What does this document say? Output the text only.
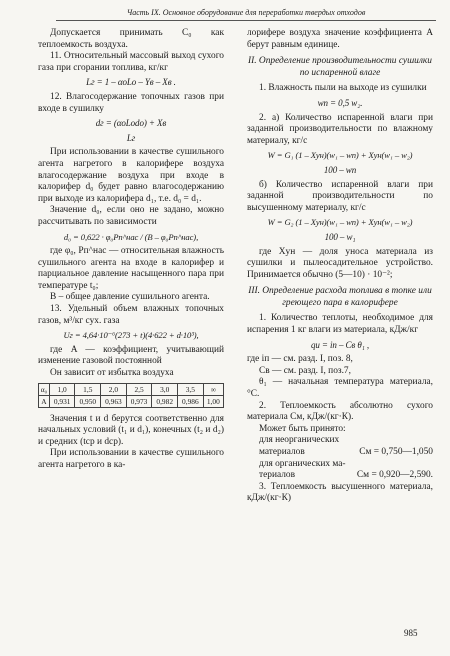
Часть IX. Основное оборудование для переработки твердых отходов

Допускается принимать C₀ как теплоемкость воздуха.

11. Относительный массовый выход сухого газа при сгорании топлива, кг/кг

Lг = 1 – αoLо – Yв – Xв .

12. Влагосодержание топочных газов при входе в сушилку

dг = (αoLоdo) + Xв
Lг

При использовании в качестве сушильного агента нагретого в калорифере воздуха влагосодержание воздуха при входе в калорифер d₀ будет равно влагосодержанию при выходе из калорифера d₁, т.е. d₀ = d₁.

Значение d₀, если оно не задано, можно рассчитывать по зависимости

d₀ = 0,622 · φ₀Pп^нас / (B – φ₀Pп^нас),

где φ₀, Pп^нас — относительная влажность сушильного агента на входе в калорифер и парциальное давление насыщенного пара при температуре t₀;

B – общее давление сушильного агента.

13. Удельный объем влажных топочных газов, м³/кг сух. газа

Uг = 4,64·10⁻⁶(273 + t)(4·622 + d·10³),

где A — коэффициент, учитывающий изменение газовой постоянной

Он зависит от избытка воздуха

α₀	1,0	1,5	2,0	2,5	3,0	3,5	∞
A	0,931	0,950	0,963	0,973	0,982	0,986	1,00

Значения t и d берутся соответственно для начальных условий (t₁ и d₁), конечных (t₂ и d₂) и средних (tср и dср).

При использовании в качестве сушильного агента нагретого в ка-

лорифере воздуха значение коэффициента A берут равным единице.

II. Определение производительности сушилки по испаренной влаге

1. Влажность пыли на выходе из сушилки

wп = 0,5 w₂.

2. а) Количество испаренной влаги при заданной производительности по влажному материалу, кг/с

W = G₁ (1 – Xун)(w₁ – wп) + Xун(w₁ – w₂)
100 – wп

б) Количество испаренной влаги при заданной производительности по высушенному материалу, кг/с

W = G₂ (1 – Xун)(w₁ – wп) + Xун(w₁ – w₂)
100 – w₁

где Xун — доля уноса материала из сушилки и пылеосадительное устройство. Принимается обычно (5—10) · 10⁻²;

III. Определение расхода топлива в топке или греющего пара в калорифере

1. Количество теплоты, необходимое для испарения 1 кг влаги из материала, кДж/кг

qи = iп – Cв θ₁ ,

где iп — см. разд. I, поз. 8,

Cв — см. разд. I, поз.7,

θ₁ — начальная температура материала, °С.

2. Теплоемкость абсолютно сухого материала Cм, кДж/(кг·К).

Может быть принято:

для неорганических

материалов	Cм = 0,750—1,050

для органических ма-

териалов	Cм = 0,920—2,590.

3. Теплоемкость высушенного материала, кДж/(кг·К)

985
